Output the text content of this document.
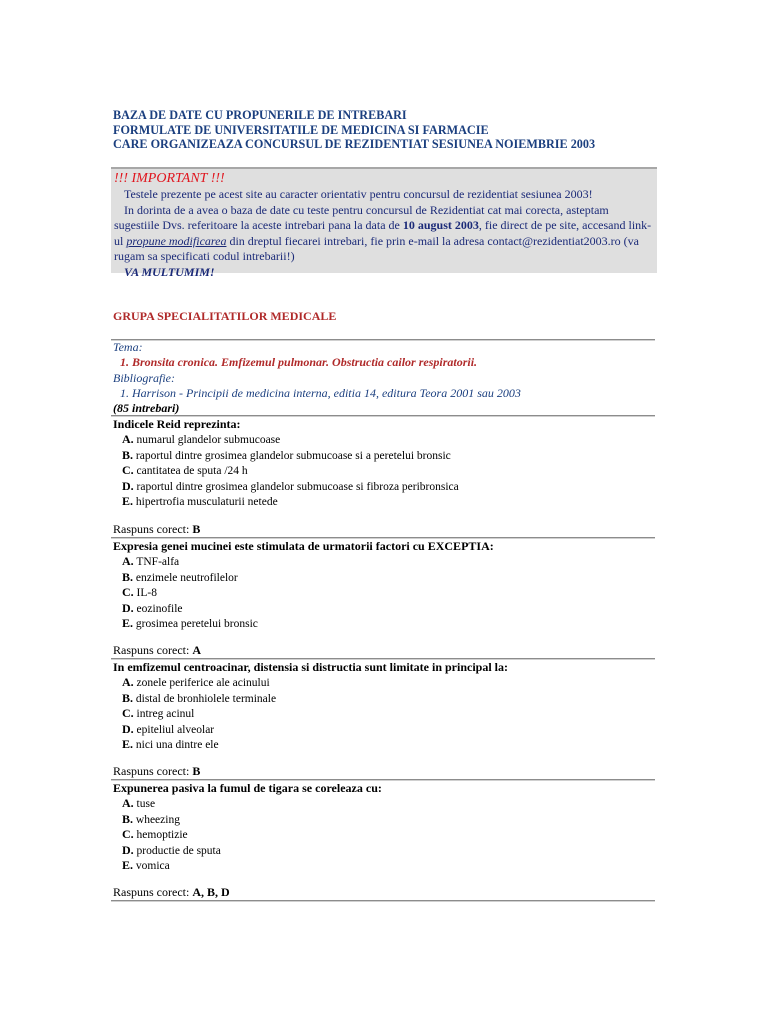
BAZA DE DATE CU PROPUNERILE DE INTREBARI
FORMULATE DE UNIVERSITATILE DE MEDICINA SI FARMACIE
CARE ORGANIZEAZA CONCURSUL DE REZIDENTIAT SESIUNEA NOIEMBRIE 2003
!!! IMPORTANT !!!
Testele prezente pe acest site au caracter orientativ pentru concursul de rezidentiat sesiunea 2003!
In dorinta de a avea o baza de date cu teste pentru concursul de Rezidentiat cat mai corecta, asteptam sugestiile Dvs. referitoare la aceste intrebari pana la data de 10 august 2003, fie direct de pe site, accesand link-ul propune modificarea din dreptul fiecarei intrebari, fie prin e-mail la adresa contact@rezidentiat2003.ro (va rugam sa specificati codul intrebarii!)
VA MULTUMIM!
GRUPA SPECIALITATILOR MEDICALE
Tema:
1. Bronsita cronica. Emfizemul pulmonar. Obstructia cailor respiratorii.
Bibliografie:
1. Harrison - Principii de medicina interna, editia 14, editura Teora 2001 sau 2003
(85 intrebari)
Indicele Reid reprezinta:
A. numarul glandelor submucoase
B. raportul dintre grosimea glandelor submucoase si a peretelui bronsic
C. cantitatea de sputa /24 h
D. raportul dintre grosimea glandelor submucoase si fibroza peribronsica
E. hipertrofia musculaturii netede
Raspuns corect: B
Expresia genei mucinei este stimulata de urmatorii factori cu EXCEPTIA:
A. TNF-alfa
B. enzimele neutrofilelor
C. IL-8
D. eozinofile
E. grosimea peretelui bronsic
Raspuns corect: A
In emfizemul centroacinar, distensia si distructia sunt limitate in principal la:
A. zonele periferice ale acinului
B. distal de bronhiolele terminale
C. intreg acinul
D. epiteliul alveolar
E. nici una dintre ele
Raspuns corect: B
Expunerea pasiva la fumul de tigara se coreleaza cu:
A. tuse
B. wheezing
C. hemoptizie
D. productie de sputa
E. vomica
Raspuns corect: A, B, D
